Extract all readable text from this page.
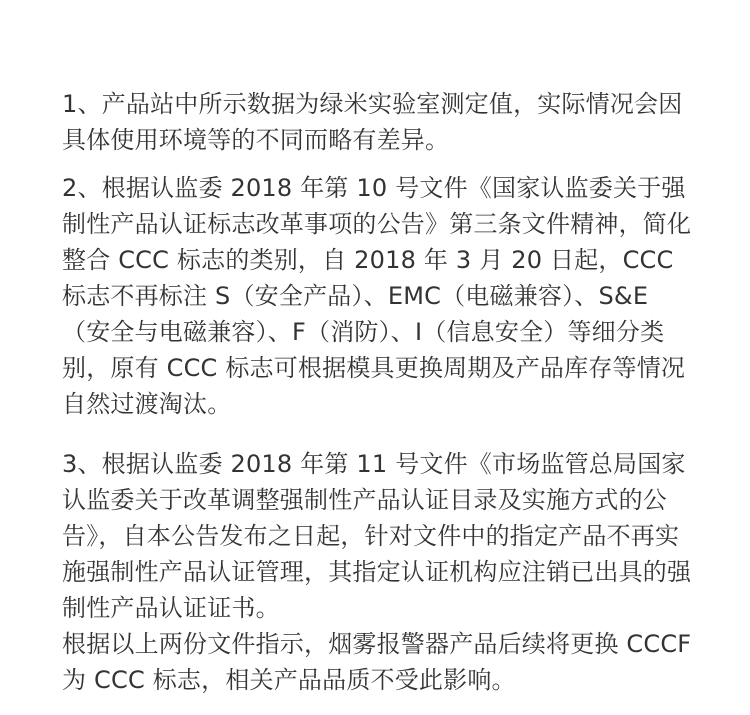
1、产品站中所示数据为绿米实验室测定值，实际情况会因具体使用环境等的不同而略有差异。

2、根据认监委 2018 年第 10 号文件《国家认监委关于强制性产品认证标志改革事项的公告》第三条文件精神，简化整合 CCC 标志的类别，自 2018 年 3 月 20 日起，CCC 标志不再标注 S（安全产品）、EMC（电磁兼容）、S&E（安全与电磁兼容）、F（消防）、I（信息安全）等细分类别，原有 CCC 标志可根据模具更换周期及产品库存等情况自然过渡淘汰。

3、根据认监委 2018 年第 11 号文件《市场监管总局国家认监委关于改革调整强制性产品认证目录及实施方式的公告》，自本公告发布之日起，针对文件中的指定产品不再实施强制性产品认证管理，其指定认证机构应注销已出具的强制性产品认证证书。

根据以上两份文件指示，烟雾报警器产品后续将更换 CCCF 为 CCC 标志，相关产品品质不受此影响。
